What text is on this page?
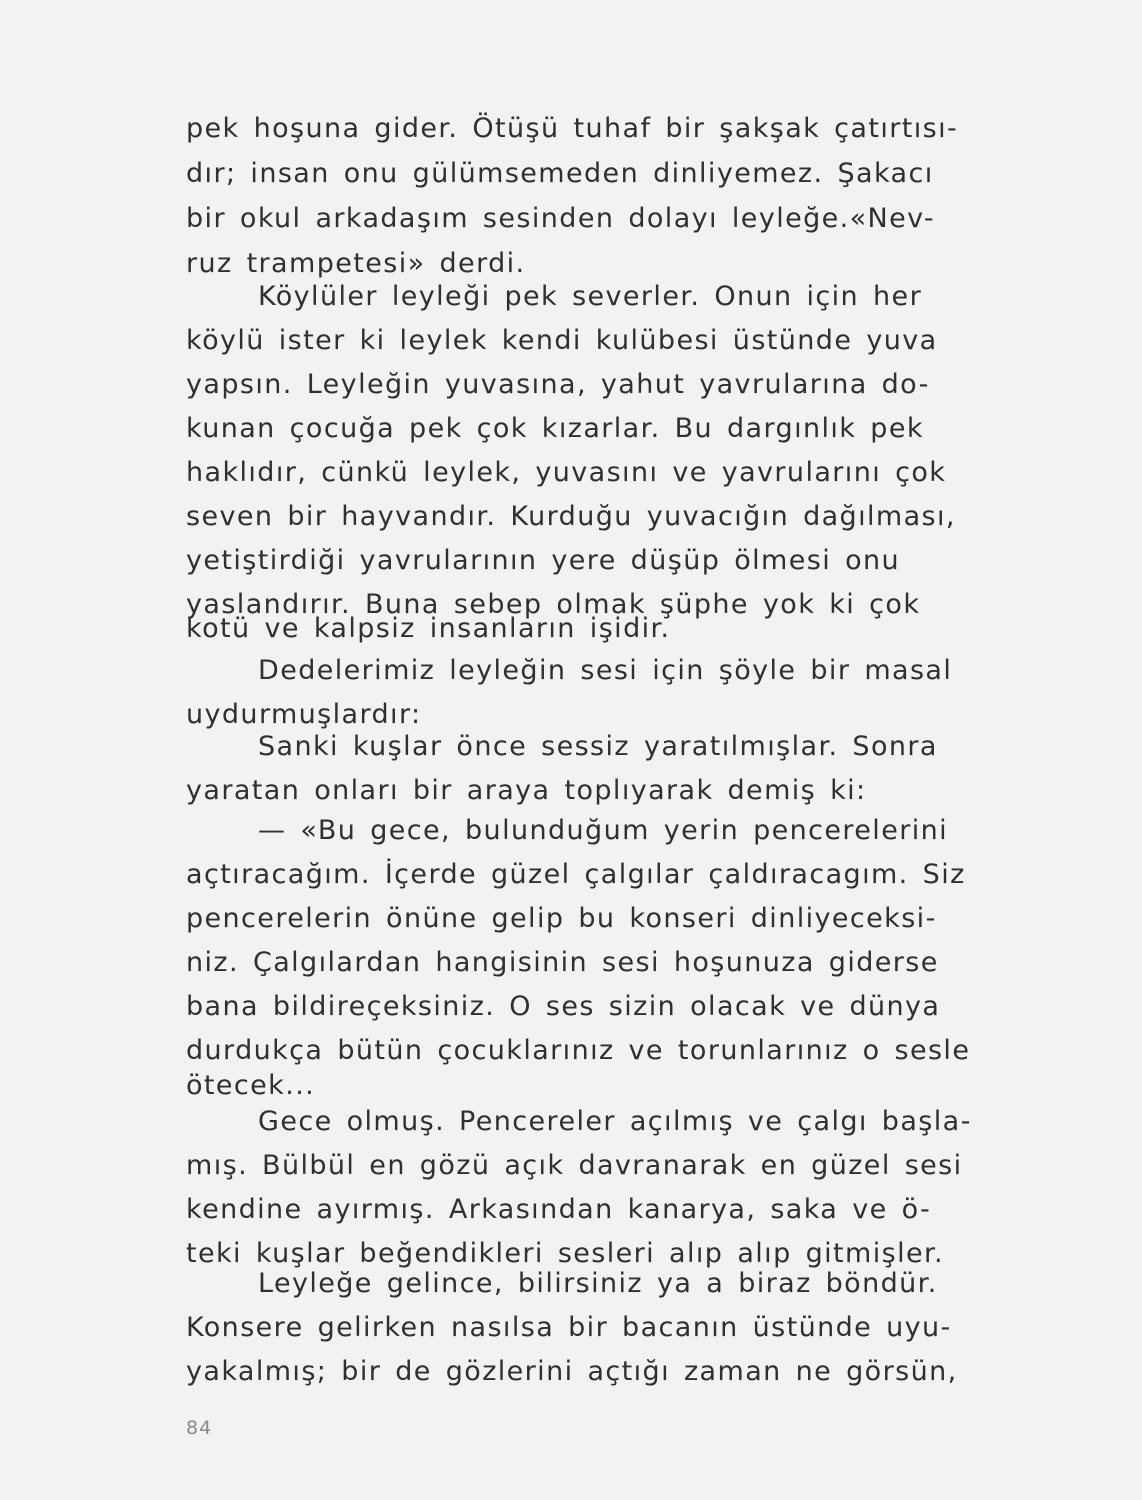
pek hoşuna gider. Ötüşü tuhaf bir şakşak çatırtısı-
dır; insan onu gülümsemeden dinliyemez. Şakacı
bir okul arkadaşım sesinden dolayı leyleğe.«Nev-
ruz trampetesi» derdi.
Köylüler leyleği pek severler. Onun için her
köylü ister ki leylek kendi kulübesi üstünde yuva
yapsın. Leyleğin yuvasına, yahut yavrularına do-
kunan çocuğa pek çok kızarlar. Bu dargınlık pek
haklıdır, cünkü leylek, yuvasını ve yavrularını çok
seven bir hayvandır. Kurduğu yuvacığın dağılması,
yetiştirdiği yavrularının yere düşüp ölmesi onu
yaslandırır. Buna sebep olmak şüphe yok ki çok
kotü ve kalpsiz insanların işidir.
Dedelerimiz leyleğin sesi için şöyle bir masal
uydurmuşlardır:
Sanki kuşlar önce sessiz yaratılmışlar. Sonra
yaratan onları bir araya toplıyarak demiş ki:
— «Bu gece, bulunduğum yerin pencerelerini
açtıracağım. İçerde güzel çalgılar çaldıracagım. Siz
pencerelerin önüne gelip bu konseri dinliyeceksi-
niz. Çalgılardan hangisinin sesi hoşunuza giderse
bana bildireçeksiniz. O ses sizin olacak ve dünya
durdukça bütün çocuklarınız ve torunlarınız o sesle
ötecek...
Gece olmuş. Pencereler açılmış ve çalgı başla-
mış. Bülbül en gözü açık davranarak en güzel sesi
kendine ayırmış. Arkasından kanarya, saka ve ö-
teki kuşlar beğendikleri sesleri alıp alıp gitmişler.
Leyleğe gelince, bilirsiniz ya a biraz böndür.
Konsere gelirken nasılsa bir bacanın üstünde uyu-
yakalmış; bir de gözlerini açtığı zaman ne görsün,
84
